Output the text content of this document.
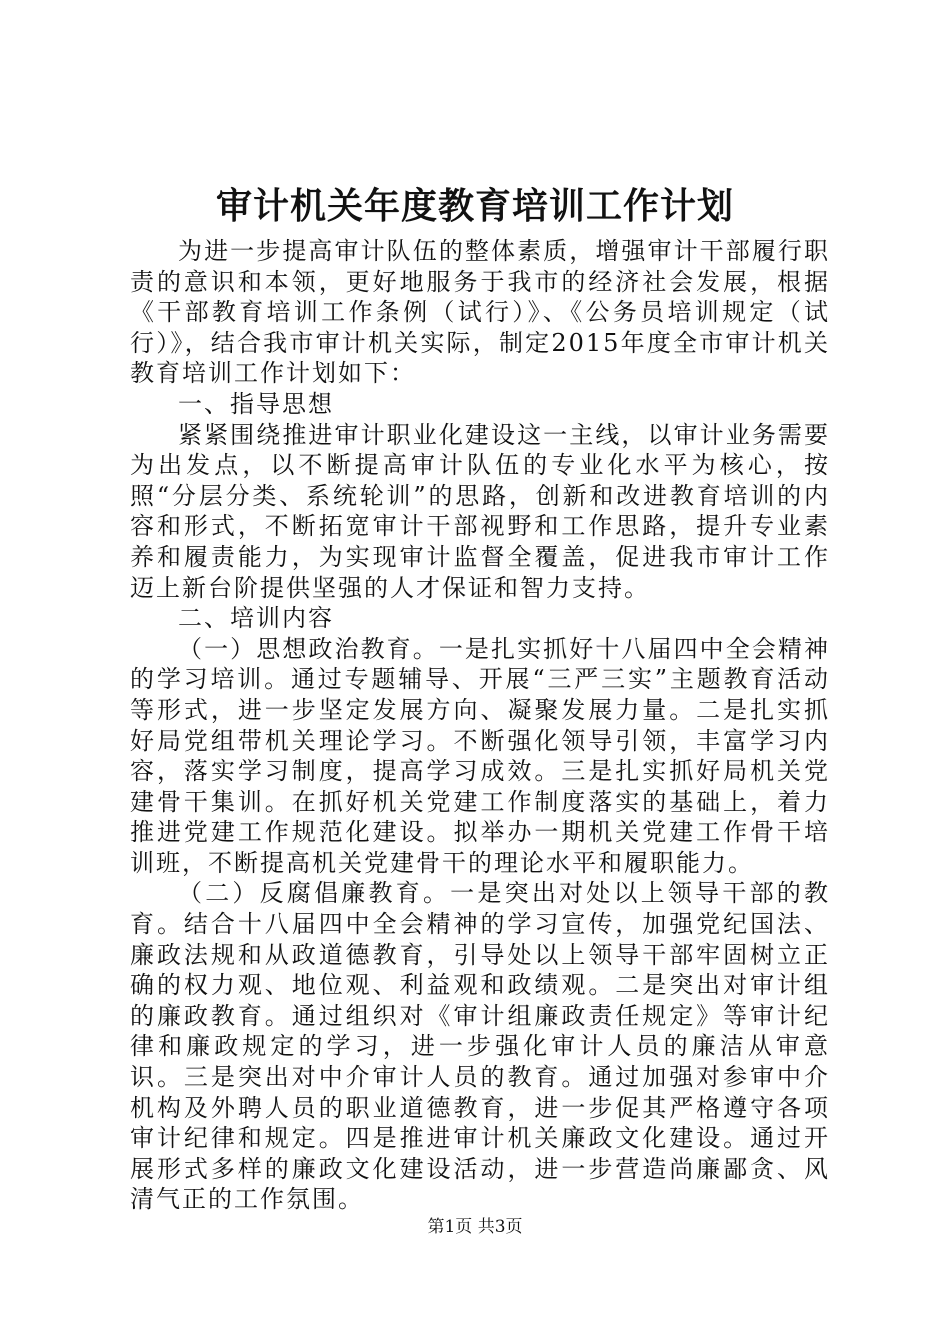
审计机关年度教育培训工作计划

为进一步提高审计队伍的整体素质，增强审计干部履行职责的意识和本领，更好地服务于我市的经济社会发展，根据《干部教育培训工作条例（试行）》、《公务员培训规定（试行）》，结合我市审计机关实际，制定2015年度全市审计机关教育培训工作计划如下：

一、指导思想

紧紧围绕推进审计职业化建设这一主线，以审计业务需要为出发点，以不断提高审计队伍的专业化水平为核心，按照“分层分类、系统轮训”的思路，创新和改进教育培训的内容和形式，不断拓宽审计干部视野和工作思路，提升专业素养和履责能力，为实现审计监督全覆盖，促进我市审计工作迈上新台阶提供坚强的人才保证和智力支持。

二、培训内容

（一）思想政治教育。一是扎实抓好十八届四中全会精神的学习培训。通过专题辅导、开展“三严三实”主题教育活动等形式，进一步坚定发展方向、凝聚发展力量。二是扎实抓好局党组带机关理论学习。不断强化领导引领，丰富学习内容，落实学习制度，提高学习成效。三是扎实抓好局机关党建骨干集训。在抓好机关党建工作制度落实的基础上，着力推进党建工作规范化建设。拟举办一期机关党建工作骨干培训班，不断提高机关党建骨干的理论水平和履职能力。

（二）反腐倡廉教育。一是突出对处以上领导干部的教育。结合十八届四中全会精神的学习宣传，加强党纪国法、廉政法规和从政道德教育，引导处以上领导干部牢固树立正确的权力观、地位观、利益观和政绩观。二是突出对审计组的廉政教育。通过组织对《审计组廉政责任规定》等审计纪律和廉政规定的学习，进一步强化审计人员的廉洁从审意识。三是突出对中介审计人员的教育。通过加强对参审中介机构及外聘人员的职业道德教育，进一步促其严格遵守各项审计纪律和规定。四是推进审计机关廉政文化建设。通过开展形式多样的廉政文化建设活动，进一步营造尚廉鄙贪、风清气正的工作氛围。

第1页 共3页
